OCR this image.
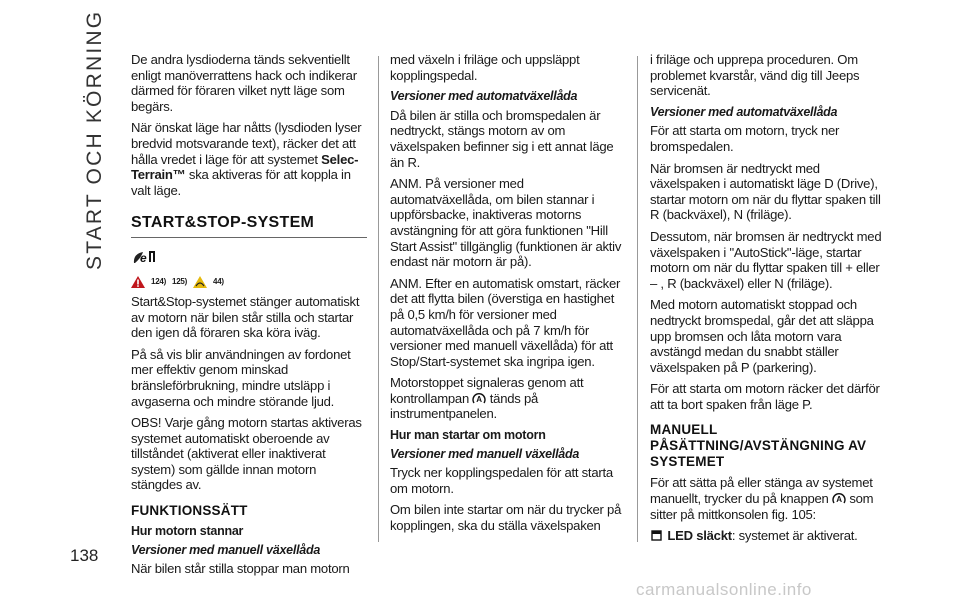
START OCH KÖRNING
138

De andra lysdioderna tänds sekventiellt enligt manöverrattens hack och indikerar därmed för föraren vilket nytt läge som begärs.

När önskat läge har nåtts (lysdioden lyser bredvid motsvarande text), räcker det att hålla vredet i läge för att systemet Selec-Terrain™ ska aktiveras för att koppla in valt läge.

START&STOP-SYSTEM
e
124) 125)	44)

Start&Stop-systemet stänger automatiskt av motorn när bilen står stilla och startar den igen då föraren ska köra iväg.

På så vis blir användningen av fordonet mer effektiv genom minskad bränsleförbrukning, mindre utsläpp i avgaserna och mindre störande ljud.

OBS! Varje gång motorn startas aktiveras systemet automatiskt oberoende av tillståndet (aktiverat eller inaktiverat system) som gällde innan motorn stängdes av.

FUNKTIONSSÄTT
Hur motorn stannar
Versioner med manuell växellåda

När bilen står stilla stoppar man motorn

med växeln i friläge och uppsläppt kopplingspedal.

Versioner med automatväxellåda

Då bilen är stilla och bromspedalen är nedtryckt, stängs motorn av om växelspaken befinner sig i ett annat läge än R.

ANM. På versioner med automatväxellåda, om bilen stannar i uppförsbacke, inaktiveras motorns avstängning för att göra funktionen "Hill Start Assist" tillgänglig (funktionen är aktiv endast när motorn är på).

ANM. Efter en automatisk omstart, räcker det att flytta bilen (överstiga en hastighet på 0,5 km/h för versioner med automatväxellåda och på 7 km/h för versioner med manuell växellåda) för att Stop/Start-systemet ska ingripa igen.

Motorstoppet signaleras genom att kontrollampan A tänds på instrumentpanelen.

Hur man startar om motorn
Versioner med manuell växellåda

Tryck ner kopplingspedalen för att starta om motorn.

Om bilen inte startar om när du trycker på kopplingen, ska du ställa växelspaken

i friläge och upprepa proceduren. Om problemet kvarstår, vänd dig till Jeeps servicenät.

Versioner med automatväxellåda

För att starta om motorn, tryck ner bromspedalen.

När bromsen är nedtryckt med växelspaken i automatiskt läge D (Drive), startar motorn om när du flyttar spaken till R (backväxel), N (friläge).

Dessutom, när bromsen är nedtryckt med växelspaken i "AutoStick"-läge, startar motorn om när du flyttar spaken till + eller – , R (backväxel) eller N (friläge).

Med motorn automatiskt stoppad och nedtryckt bromspedal, går det att släppa upp bromsen och låta motorn vara avstängd medan du snabbt ställer växelspaken på P (parkering).

För att starta om motorn räcker det därför att ta bort spaken från läge P.

MANUELL PÅSÄTTNING/AVSTÄNGNING AV SYSTEMET

För att sätta på eller stänga av systemet manuellt, trycker du på knappen A som sitter på mittkonsolen fig. 105:

LED släckt: systemet är aktiverat.

carmanualsonline.info
